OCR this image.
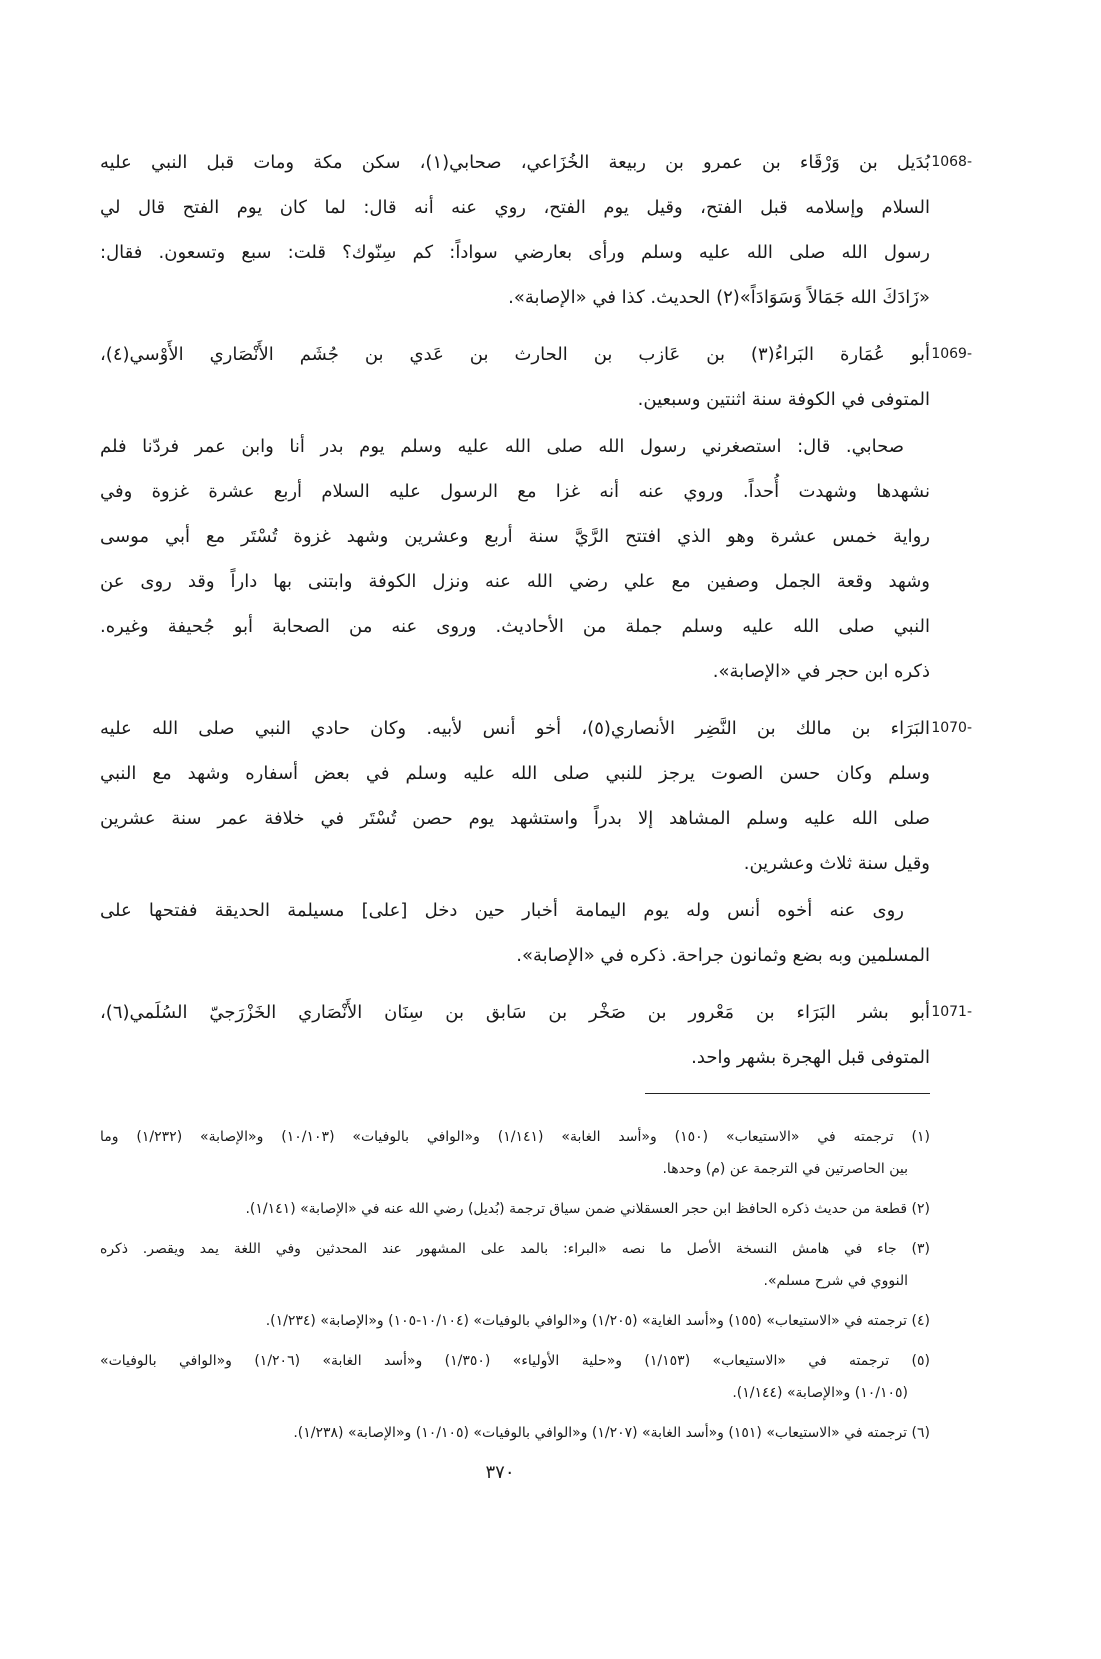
1068-
بُدَيل بن وَرْقَاء بن عمرو بن ربيعة الخُزَاعي، صحابي(١)، سكن مكة ومات قبل النبي عليه
السلام وإسلامه قبل الفتح، وقيل يوم الفتح، روي عنه أنه قال: لما كان يوم الفتح قال لي
رسول الله صلى الله عليه وسلم ورأى بعارضي سواداً: كم سِنّوك؟ قلت: سبع وتسعون. فقال:
«زَادَكَ الله جَمَالاً وَسَوَادَاً»(٢) الحديث. كذا في «الإصابة».
1069-
أبو عُمَارة البَراءُ(٣) بن عَازب بن الحارث بن عَدي بن جُشَم الأَنْصَاري الأَوْسي(٤)،
المتوفى في الكوفة سنة اثنتين وسبعين.
صحابي. قال: استصغرني رسول الله صلى الله عليه وسلم يوم بدر أنا وابن عمر فردّنا فلم
نشهدها وشهدت أُحداً. وروي عنه أنه غزا مع الرسول عليه السلام أربع عشرة غزوة وفي
رواية خمس عشرة وهو الذي افتتح الرَّيَّ سنة أربع وعشرين وشهد غزوة تُسْتَر مع أبي موسى
وشهد وقعة الجمل وصفين مع علي رضي الله عنه ونزل الكوفة وابتنى بها داراً وقد روى عن
النبي صلى الله عليه وسلم جملة من الأحاديث. وروى عنه من الصحابة أبو جُحيفة وغيره.
ذكره ابن حجر في «الإصابة».
1070-
البَرَاء بن مالك بن النَّضِر الأنصاري(٥)، أخو أنس لأبيه. وكان حادي النبي صلى الله عليه
وسلم وكان حسن الصوت يرجز للنبي صلى الله عليه وسلم في بعض أسفاره وشهد مع النبي
صلى الله عليه وسلم المشاهد إلا بدراً واستشهد يوم حصن تُسْتَر في خلافة عمر سنة عشرين
وقيل سنة ثلاث وعشرين.
روى عنه أخوه أنس وله يوم اليمامة أخبار حين دخل [على] مسيلمة الحديقة ففتحها على
المسلمين وبه بضع وثمانون جراحة. ذكره في «الإصابة».
1071-
أبو بشر البَرَاء بن مَعْرور بن صَخْر بن سَابق بن سِنَان الأَنْصَاري الخَزْرَجيّ السُلَمي(٦)،
المتوفى قبل الهجرة بشهر واحد.
(١) ترجمته في «الاستيعاب» (١٥٠) و«أسد الغابة» (١/١٤١) و«الوافي بالوفيات» (١٠/١٠٣) و«الإصابة» (١/٢٣٢) وما
بين الحاصرتين في الترجمة عن (م) وحدها.
(٢) قطعة من حديث ذكره الحافظ ابن حجر العسقلاني ضمن سياق ترجمة (بُديل) رضي الله عنه في «الإصابة» (١/١٤١).
(٣) جاء في هامش النسخة الأصل ما نصه «البراء: بالمد على المشهور عند المحدثين وفي اللغة يمد ويقصر. ذكره
النووي في شرح مسلم».
(٤) ترجمته في «الاستيعاب» (١٥٥) و«أسد الغاية» (١/٢٠٥) و«الوافي بالوفيات» (١٠/١٠٤-١٠٥) و«الإصابة» (١/٢٣٤).
(٥) ترجمته في «الاستيعاب» (١/١٥٣) و«حلية الأولياء» (١/٣٥٠) و«أسد الغابة» (١/٢٠٦) و«الوافي بالوفيات»
(١٠/١٠٥) و«الإصابة» (١/١٤٤).
(٦) ترجمته في «الاستيعاب» (١٥١) و«أسد الغابة» (١/٢٠٧) و«الوافي بالوفيات» (١٠/١٠٥) و«الإصابة» (١/٢٣٨).
٣٧٠
